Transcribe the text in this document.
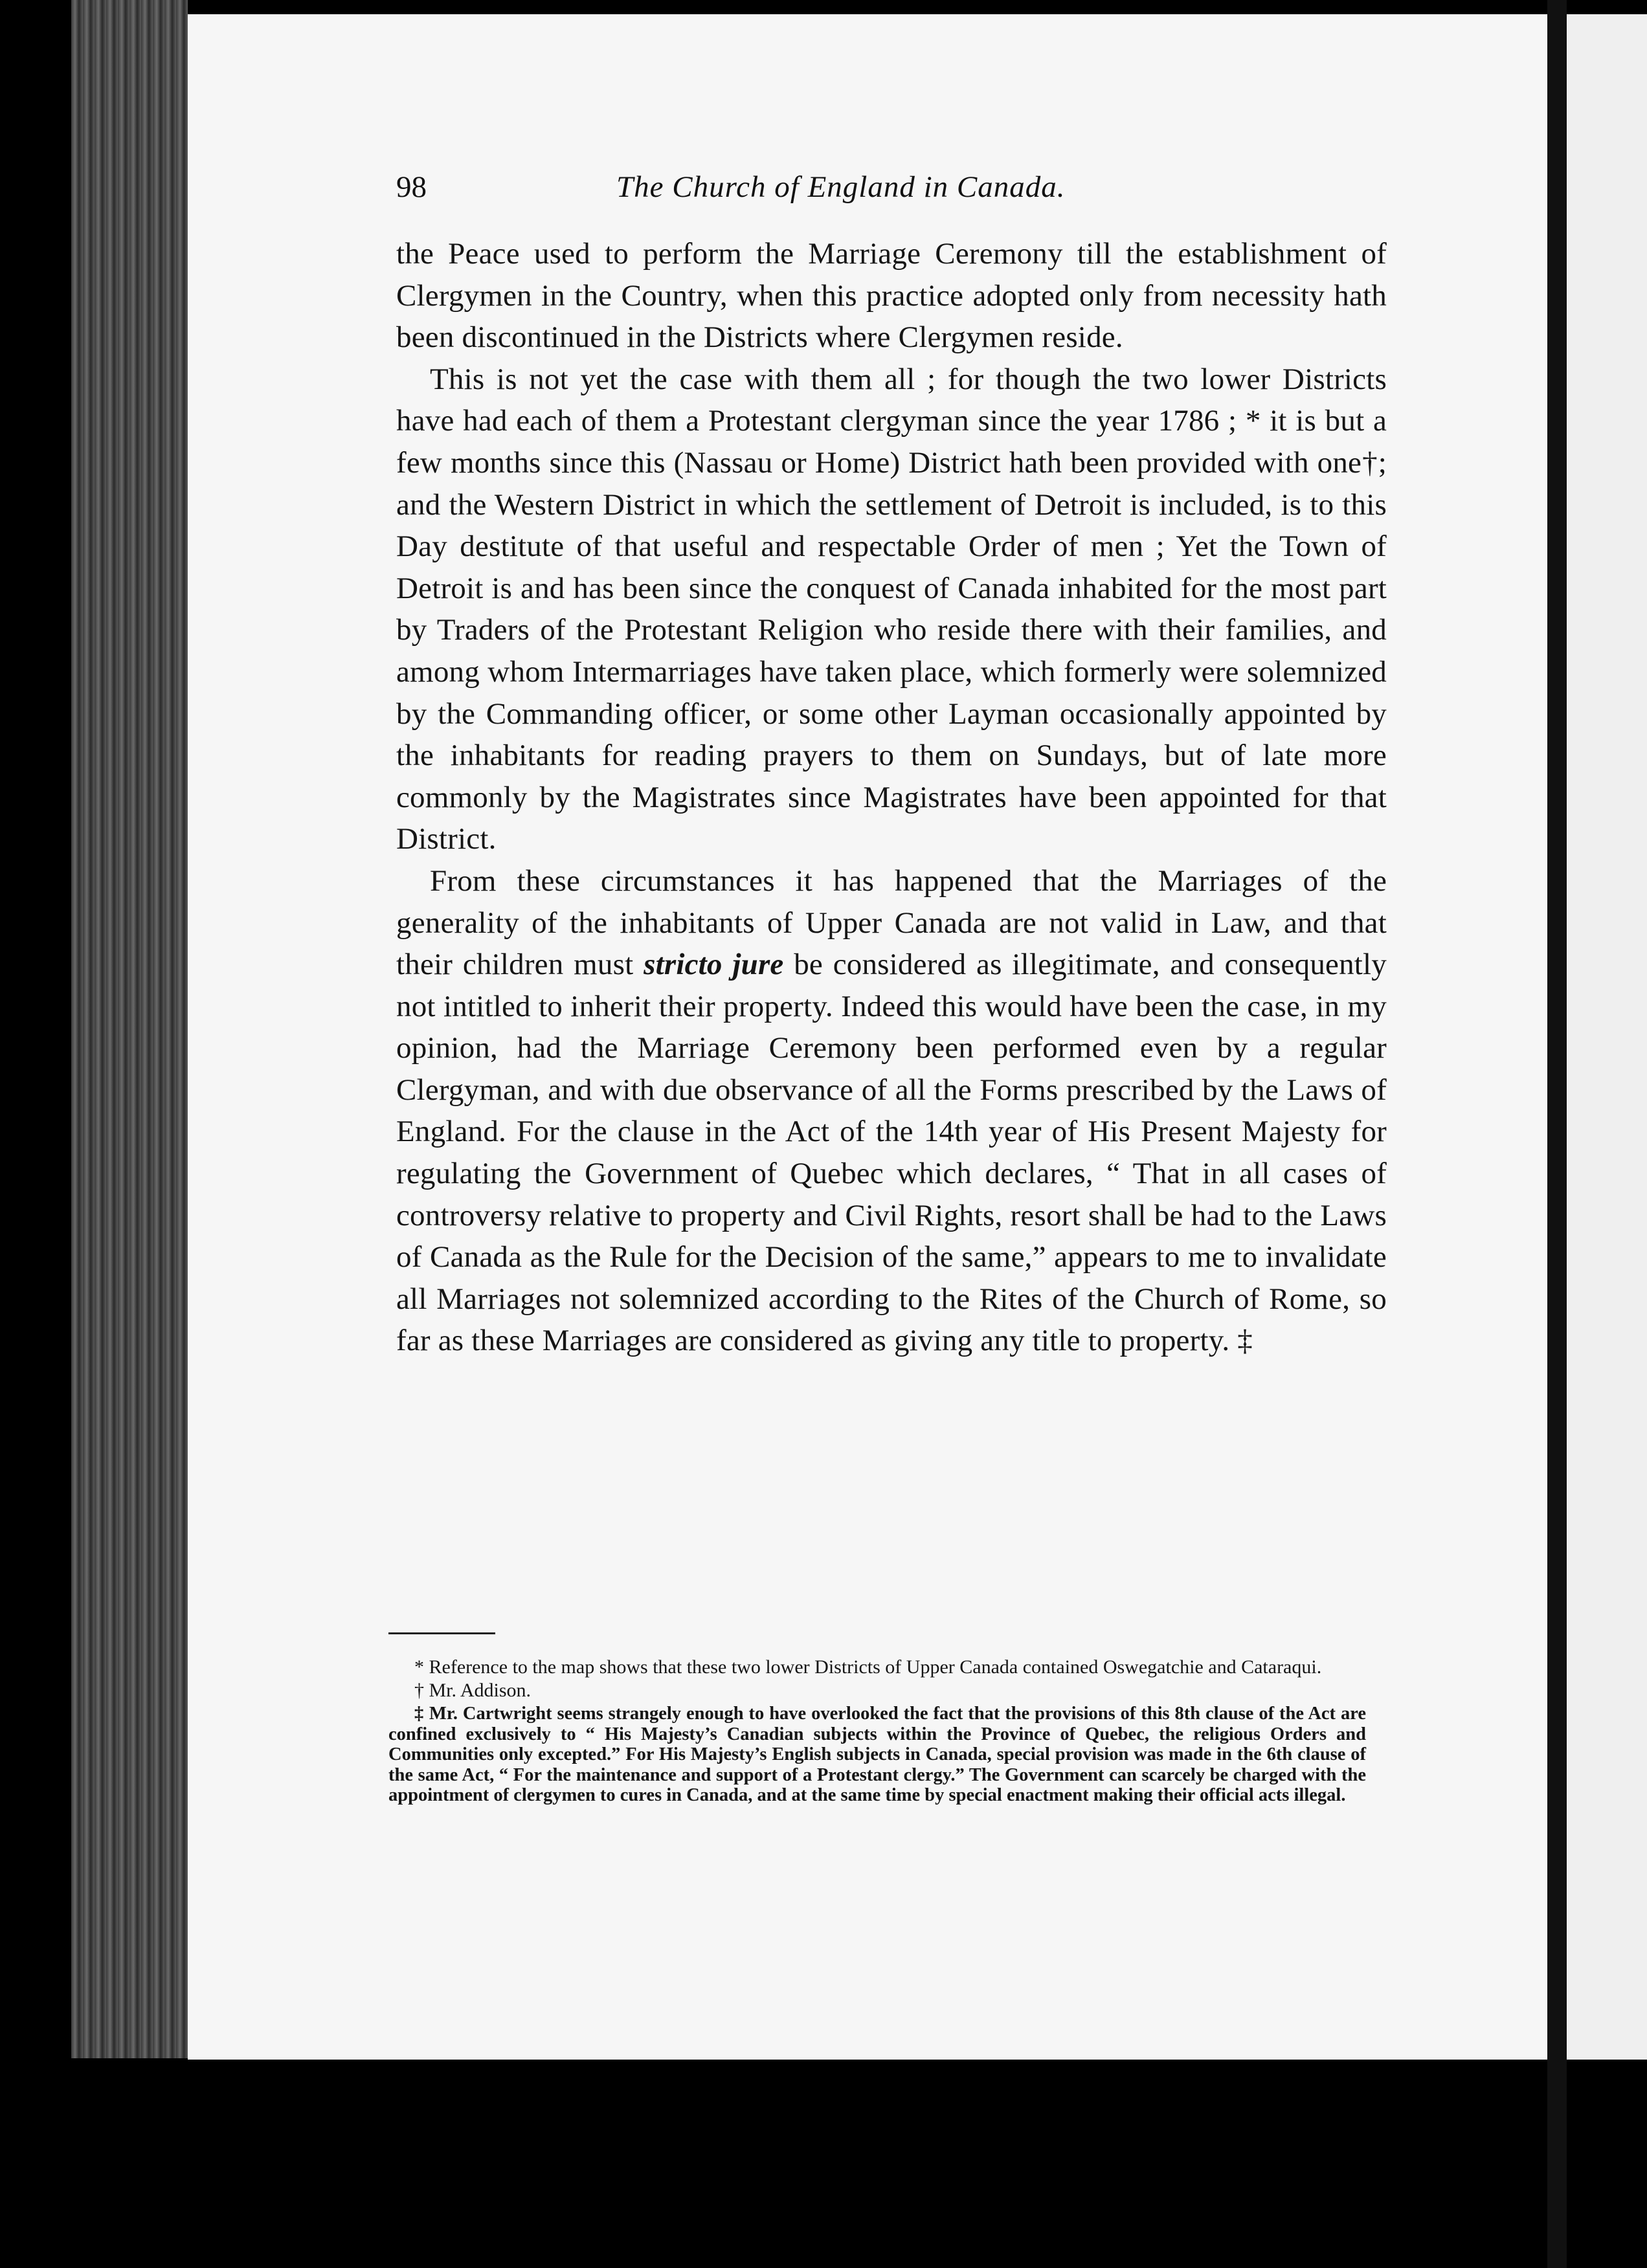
98	The Church of England in Canada.

the Peace used to perform the Marriage Ceremony till the establishment of Clergymen in the Country, when this practice adopted only from necessity hath been discontinued in the Districts where Clergymen reside.

This is not yet the case with them all ; for though the two lower Districts have had each of them a Protestant clergyman since the year 1786 ; * it is but a few months since this (Nassau or Home) District hath been provided with one†; and the Western District in which the settlement of Detroit is included, is to this Day destitute of that useful and respectable Order of men ; Yet the Town of Detroit is and has been since the conquest of Canada inhabited for the most part by Traders of the Protestant Religion who reside there with their families, and among whom Intermarriages have taken place, which formerly were solemnized by the Commanding officer, or some other Layman occasionally appointed by the inhabitants for reading prayers to them on Sundays, but of late more commonly by the Magistrates since Magistrates have been appointed for that District.

From these circumstances it has happened that the Marriages of the generality of the inhabitants of Upper Canada are not valid in Law, and that their children must stricto jure be considered as illegitimate, and consequently not intitled to inherit their property. Indeed this would have been the case, in my opinion, had the Marriage Ceremony been performed even by a regular Clergyman, and with due observance of all the Forms prescribed by the Laws of England. For the clause in the Act of the 14th year of His Present Majesty for regulating the Government of Quebec which declares, “ That in all cases of controversy relative to property and Civil Rights, resort shall be had to the Laws of Canada as the Rule for the Decision of the same,” appears to me to invalidate all Marriages not solemnized according to the Rites of the Church of Rome, so far as these Marriages are considered as giving any title to property. ‡

* Reference to the map shows that these two lower Districts of Upper Canada contained Oswegatchie and Cataraqui.

† Mr. Addison.

‡ Mr. Cartwright seems strangely enough to have overlooked the fact that the provisions of this 8th clause of the Act are confined exclusively to “ His Majesty’s Canadian subjects within the Province of Quebec, the religious Orders and Communities only excepted.” For His Majesty’s English subjects in Canada, special provision was made in the 6th clause of the same Act, “ For the maintenance and support of a Protestant clergy.” The Government can scarcely be charged with the appointment of clergymen to cures in Canada, and at the same time by special enactment making their official acts illegal.
